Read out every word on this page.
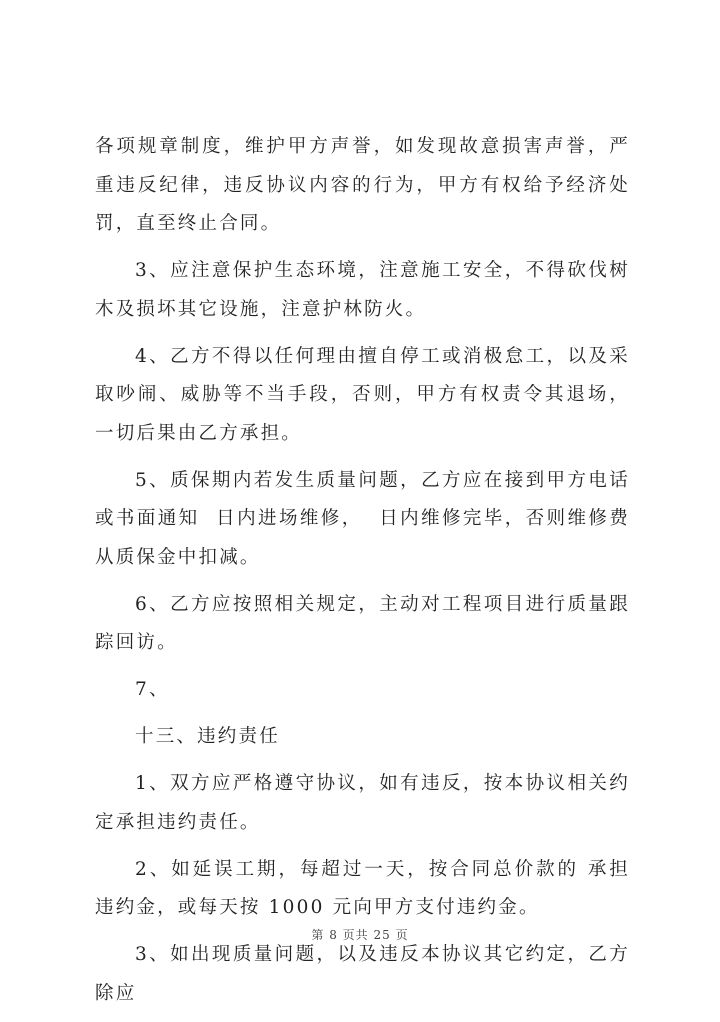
各项规章制度，维护甲方声誉，如发现故意损害声誉，严重违反纪律，违反协议内容的行为，甲方有权给予经济处罚，直至终止合同。

3、应注意保护生态环境，注意施工安全，不得砍伐树木及损坏其它设施，注意护林防火。

4、乙方不得以任何理由擅自停工或消极怠工，以及采取吵闹、威胁等不当手段，否则，甲方有权责令其退场，一切后果由乙方承担。

5、质保期内若发生质量问题，乙方应在接到甲方电话或书面通知  日内进场维修，  日内维修完毕，否则维修费从质保金中扣减。

6、乙方应按照相关规定，主动对工程项目进行质量跟踪回访。

7、

十三、违约责任

1、双方应严格遵守协议，如有违反，按本协议相关约定承担违约责任。

2、如延误工期，每超过一天，按合同总价款的 承担违约金，或每天按 1000 元向甲方支付违约金。

3、如出现质量问题，以及违反本协议其它约定，乙方除应

第 8 页共 25 页
